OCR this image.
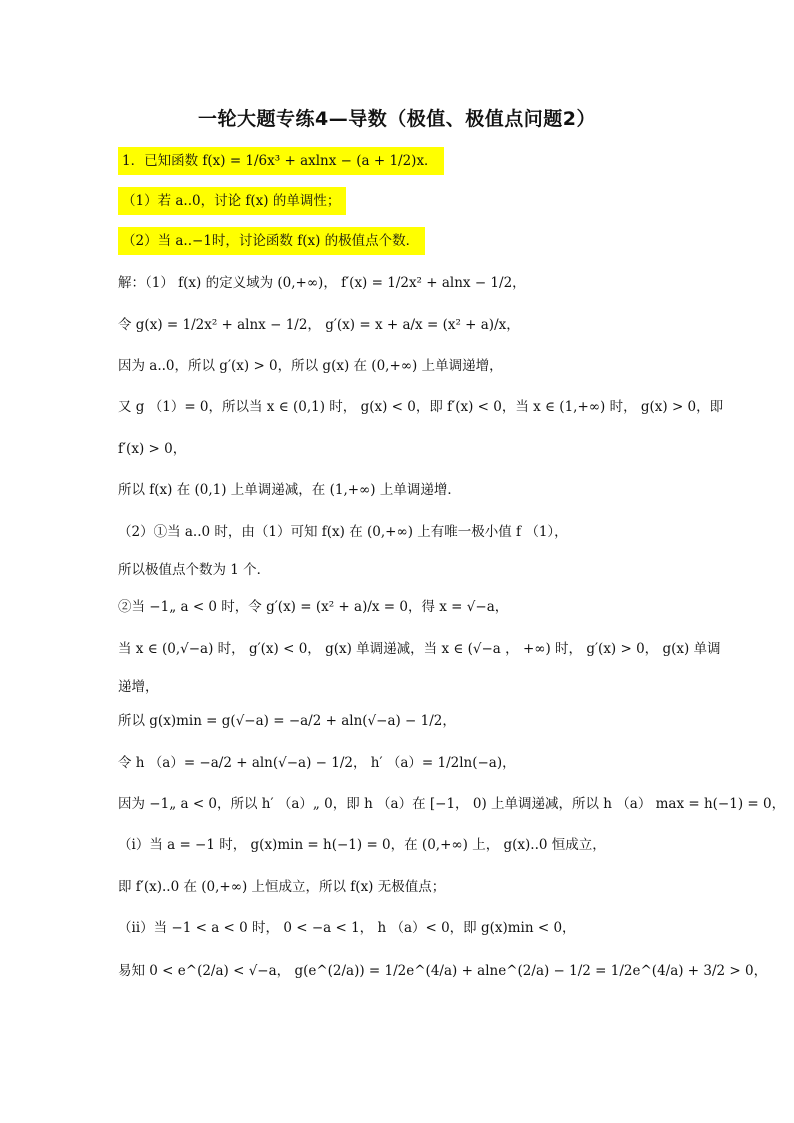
一轮大题专练4—导数（极值、极值点问题2）
1．已知函数 f(x) = 1/6x³ + axlnx − (a + 1/2)x．
（1）若 a..0，讨论 f(x) 的单调性；
（2）当 a..−1时，讨论函数 f(x) 的极值点个数．
解：（1） f(x) 的定义域为 (0,+∞)， f′(x) = 1/2x² + alnx − 1/2，
令 g(x) = 1/2x² + alnx − 1/2， g′(x) = x + a/x = (x² + a)/x，
因为 a..0，所以 g′(x) > 0，所以 g(x) 在 (0,+∞) 上单调递增，
又 g （1）= 0，所以当 x ∈ (0,1) 时， g(x) < 0，即 f′(x) < 0，当 x ∈ (1,+∞) 时， g(x) > 0，即
f′(x) > 0，
所以 f(x) 在 (0,1) 上单调递减，在 (1,+∞) 上单调递增．
（2）①当 a..0 时，由（1）可知 f(x) 在 (0,+∞) 上有唯一极小值 f （1），
所以极值点个数为 1 个．
②当 −1„ a < 0 时，令 g′(x) = (x² + a)/x = 0，得 x = √−a，
当 x ∈ (0,√−a) 时， g′(x) < 0， g(x) 单调递减，当 x ∈ (√−a ， +∞) 时， g′(x) > 0， g(x) 单调
递增，
所以 g(x)min = g(√−a) = −a/2 + aln(√−a) − 1/2，
令 h （a）= −a/2 + aln(√−a) − 1/2， h′ （a）= 1/2ln(−a)，
因为 −1„ a < 0，所以 h′ （a）„ 0，即 h （a）在 [−1， 0) 上单调递减，所以 h （a） max = h(−1) = 0，
（ⅰ）当 a = −1 时， g(x)min = h(−1) = 0，在 (0,+∞) 上， g(x)..0 恒成立，
即 f′(x)..0 在 (0,+∞) 上恒成立，所以 f(x) 无极值点；
（ⅱ）当 −1 < a < 0 时， 0 < −a < 1， h （a）< 0，即 g(x)min < 0，
易知 0 < e^(2/a) < √−a， g(e^(2/a)) = 1/2e^(4/a) + alne^(2/a) − 1/2 = 1/2e^(4/a) + 3/2 > 0，
